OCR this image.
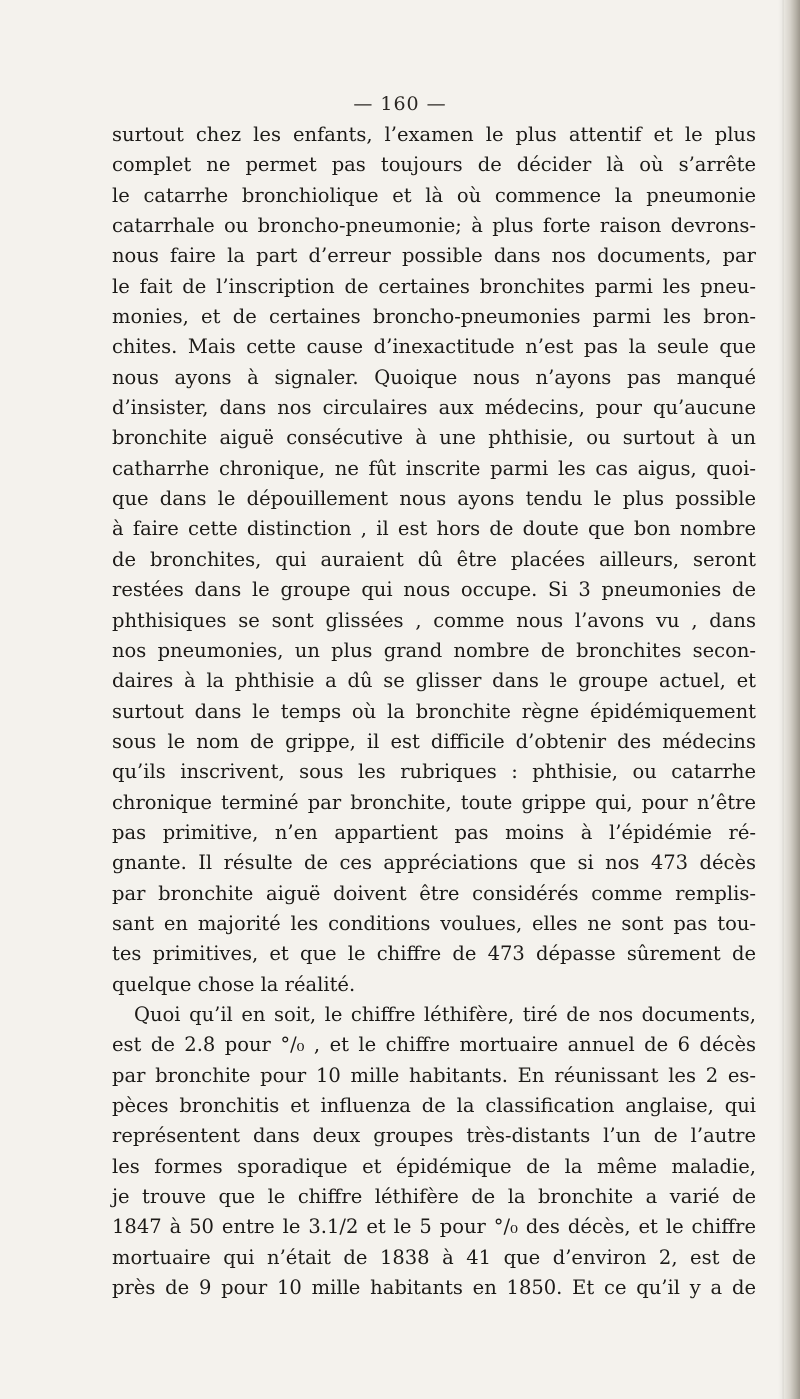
— 160 —
surtout chez les enfants, l’examen le plus attentif et le plus
complet ne permet pas toujours de décider là où s’arrête
le catarrhe bronchiolique et là où commence la pneumonie
catarrhale ou broncho-pneumonie; à plus forte raison devrons-
nous faire la part d’erreur possible dans nos documents, par
le fait de l’inscription de certaines bronchites parmi les pneu-
monies, et de certaines broncho-pneumonies parmi les bron-
chites. Mais cette cause d’inexactitude n’est pas la seule que
nous ayons à signaler. Quoique nous n’ayons pas manqué
d’insister, dans nos circulaires aux médecins, pour qu’aucune
bronchite aiguë consécutive à une phthisie, ou surtout à un
catharrhe chronique, ne fût inscrite parmi les cas aigus, quoi-
que dans le dépouillement nous ayons tendu le plus possible
à faire cette distinction , il est hors de doute que bon nombre
de bronchites, qui auraient dû être placées ailleurs, seront
restées dans le groupe qui nous occupe. Si 3 pneumonies de
phthisiques se sont glissées , comme nous l’avons vu , dans
nos pneumonies, un plus grand nombre de bronchites secon-
daires à la phthisie a dû se glisser dans le groupe actuel, et
surtout dans le temps où la bronchite règne épidémiquement
sous le nom de grippe, il est difficile d’obtenir des médecins
qu’ils inscrivent, sous les rubriques : phthisie, ou catarrhe
chronique terminé par bronchite, toute grippe qui, pour n’être
pas primitive, n’en appartient pas moins à l’épidémie ré-
gnante. Il résulte de ces appréciations que si nos 473 décès
par bronchite aiguë doivent être considérés comme remplis-
sant en majorité les conditions voulues, elles ne sont pas tou-
tes primitives, et que le chiffre de 473 dépasse sûrement de
quelque chose la réalité.
Quoi qu’il en soit, le chiffre léthifère, tiré de nos documents,
est de 2.8 pour °/₀ , et le chiffre mortuaire annuel de 6 décès
par bronchite pour 10 mille habitants. En réunissant les 2 es-
pèces bronchitis et influenza de la classification anglaise, qui
représentent dans deux groupes très-distants l’un de l’autre
les formes sporadique et épidémique de la même maladie,
je trouve que le chiffre léthifère de la bronchite a varié de
1847 à 50 entre le 3.1/2 et le 5 pour °/₀ des décès, et le chiffre
mortuaire qui n’était de 1838 à 41 que d’environ 2, est de
près de 9 pour 10 mille habitants en 1850. Et ce qu’il y a de
